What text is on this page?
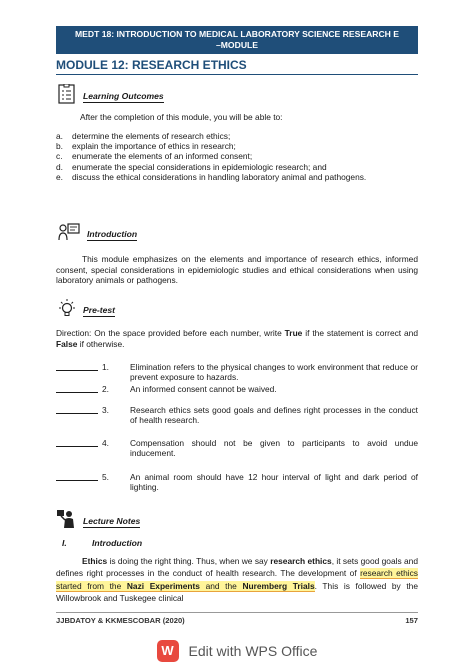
MEDT 18: INTRODUCTION TO MEDICAL LABORATORY SCIENCE RESEARCH E
–MODULE
MODULE 12: RESEARCH ETHICS
Learning Outcomes
After the completion of this module, you will be able to:
a.	determine the elements of research ethics;
b.	explain the importance of ethics in research;
c.	enumerate the elements of an informed consent;
d.	enumerate the special considerations in epidemiologic research; and
e.	discuss the ethical considerations in handling laboratory animal and pathogens.
Introduction
This module emphasizes on the elements and importance of research ethics, informed consent, special considerations in epidemiologic studies and ethical considerations when using laboratory animals or pathogens.
Pre-test
Direction: On the space provided before each number, write True if the statement is correct and False if otherwise.
1.	Elimination refers to the physical changes to work environment that reduce or prevent exposure to hazards.
2.	An informed consent cannot be waived.
3.	Research ethics sets good goals and defines right processes in the conduct of health research.
4.	Compensation should not be given to participants to avoid undue inducement.
5.	An animal room should have 12 hour interval of light and dark period of lighting.
Lecture Notes
I.	Introduction
Ethics is doing the right thing. Thus, when we say research ethics, it sets good goals and defines right processes in the conduct of health research. The development of research ethics started from the Nazi Experiments and the Nuremberg Trials. This is followed by the Willowbrook and Tuskegee clinical
JJBDATOY & KKMESCOBAR (2020)	157
W	Edit with WPS Office
